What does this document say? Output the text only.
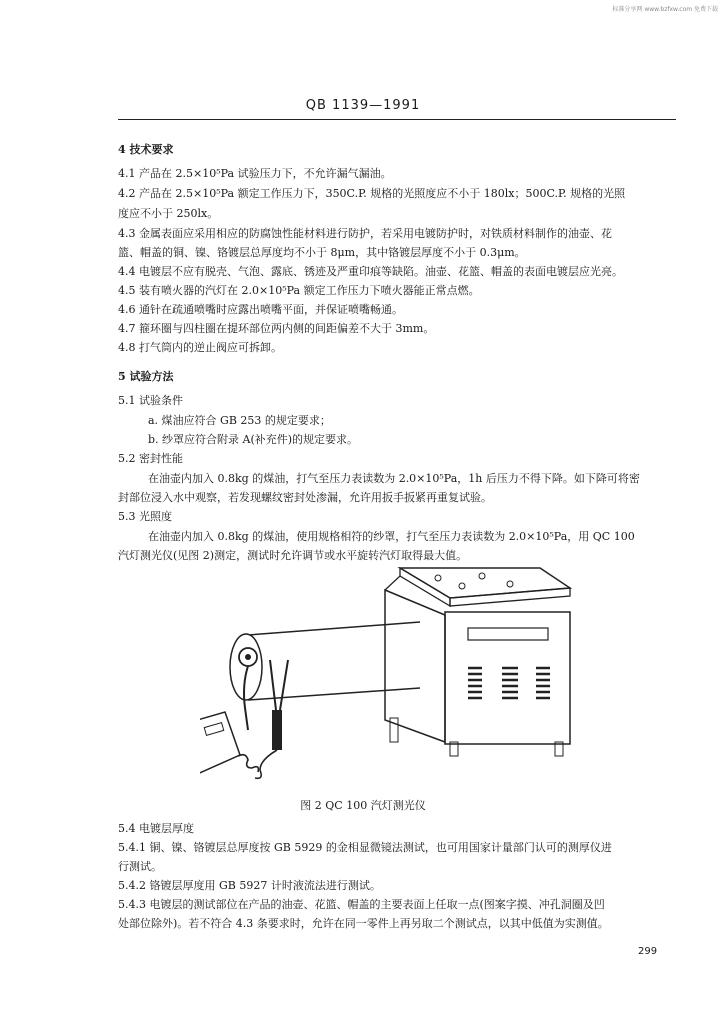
标准分享网 www.bzfxw.com 免费下载
QB 1139—1991
4 技术要求
4.1 产品在 2.5×10⁵Pa 试验压力下，不允许漏气漏油。
4.2 产品在 2.5×10⁵Pa 额定工作压力下，350C.P. 规格的光照度应不小于 180lx；500C.P. 规格的光照
度应不小于 250lx。
4.3 金属表面应采用相应的防腐蚀性能材料进行防护，若采用电镀防护时，对铁质材料制作的油壶、花
篮、帽盖的铜、镍、铬镀层总厚度均不小于 8μm，其中铬镀层厚度不小于 0.3μm。
4.4 电镀层不应有脱壳、气泡、露底、锈迹及严重印痕等缺陷。油壶、花篮、帽盖的表面电镀层应光亮。
4.5 装有喷火器的汽灯在 2.0×10⁵Pa 额定工作压力下喷火器能正常点燃。
4.6 通针在疏通喷嘴时应露出喷嘴平面，并保证喷嘴畅通。
4.7 箍环圈与四柱圈在提环部位两内侧的间距偏差不大于 3mm。
4.8 打气筒内的逆止阀应可拆卸。
5 试验方法
5.1 试验条件
a. 煤油应符合 GB 253 的规定要求；
b. 纱罩应符合附录 A(补充件)的规定要求。
5.2 密封性能
在油壶内加入 0.8kg 的煤油，打气至压力表读数为 2.0×10⁵Pa，1h 后压力不得下降。如下降可将密
封部位浸入水中观察，若发现螺纹密封处渗漏，允许用扳手扳紧再重复试验。
5.3 光照度
在油壶内加入 0.8kg 的煤油，使用规格相符的纱罩，打气至压力表读数为 2.0×10⁵Pa，用 QC 100
汽灯测光仪(见图 2)测定，测试时允许调节或水平旋转汽灯取得最大值。
图 2 QC 100 汽灯测光仪
5.4 电镀层厚度
5.4.1 铜、镍、铬镀层总厚度按 GB 5929 的金相显微镜法测试，也可用国家计量部门认可的测厚仪进
行测试。
5.4.2 铬镀层厚度用 GB 5927 计时液流法进行测试。
5.4.3 电镀层的测试部位在产品的油壶、花篮、帽盖的主要表面上任取一点(图案字摸、冲孔洞圈及凹
处部位除外)。若不符合 4.3 条要求时，允许在同一零件上再另取二个测试点，以其中低值为实测值。
299
